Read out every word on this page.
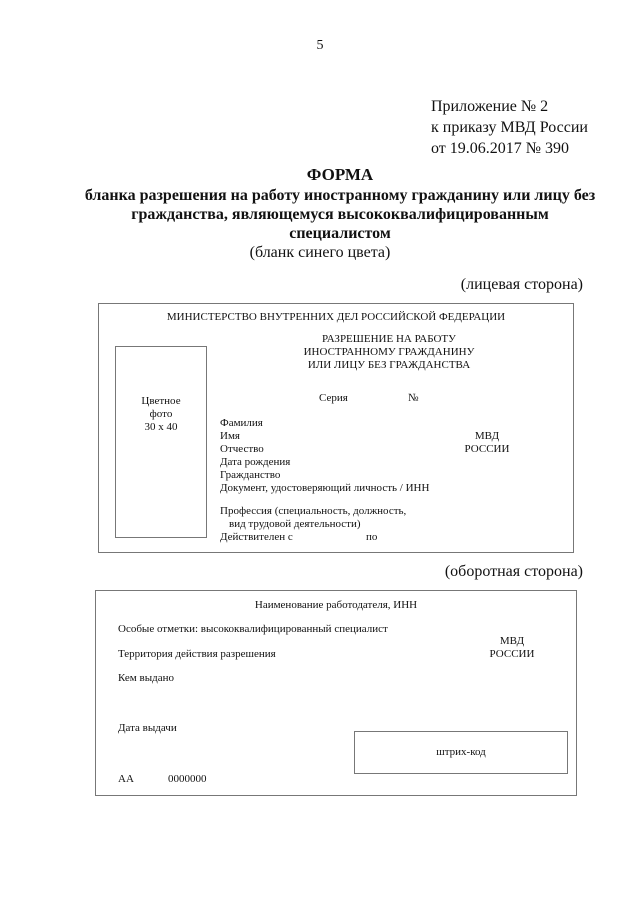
5
Приложение № 2
к приказу МВД России
от 19.06.2017 № 390
ФОРМА
бланка разрешения на работу иностранному гражданину или лицу без
гражданства, являющемуся высококвалифицированным
специалистом
(бланк синего цвета)
(лицевая сторона)
МИНИСТЕРСТВО ВНУТРЕННИХ ДЕЛ РОССИЙСКОЙ ФЕДЕРАЦИИ
РАЗРЕШЕНИЕ НА РАБОТУ
ИНОСТРАННОМУ ГРАЖДАНИНУ
ИЛИ ЛИЦУ БЕЗ ГРАЖДАНСТВА
Цветное
фото
30 х 40
Серия	№
Фамилия
Имя
Отчество
Дата рождения
Гражданство
Документ, удостоверяющий личность / ИНН
Профессия (специальность, должность,
вид трудовой деятельности)
Действителен с	по
МВД
РОССИИ
(оборотная сторона)
Наименование работодателя, ИНН
Особые отметки: высококвалифицированный специалист
Территория действия разрешения
Кем выдано
Дата выдачи
АА	0000000
МВД
РОССИИ
штрих-код
